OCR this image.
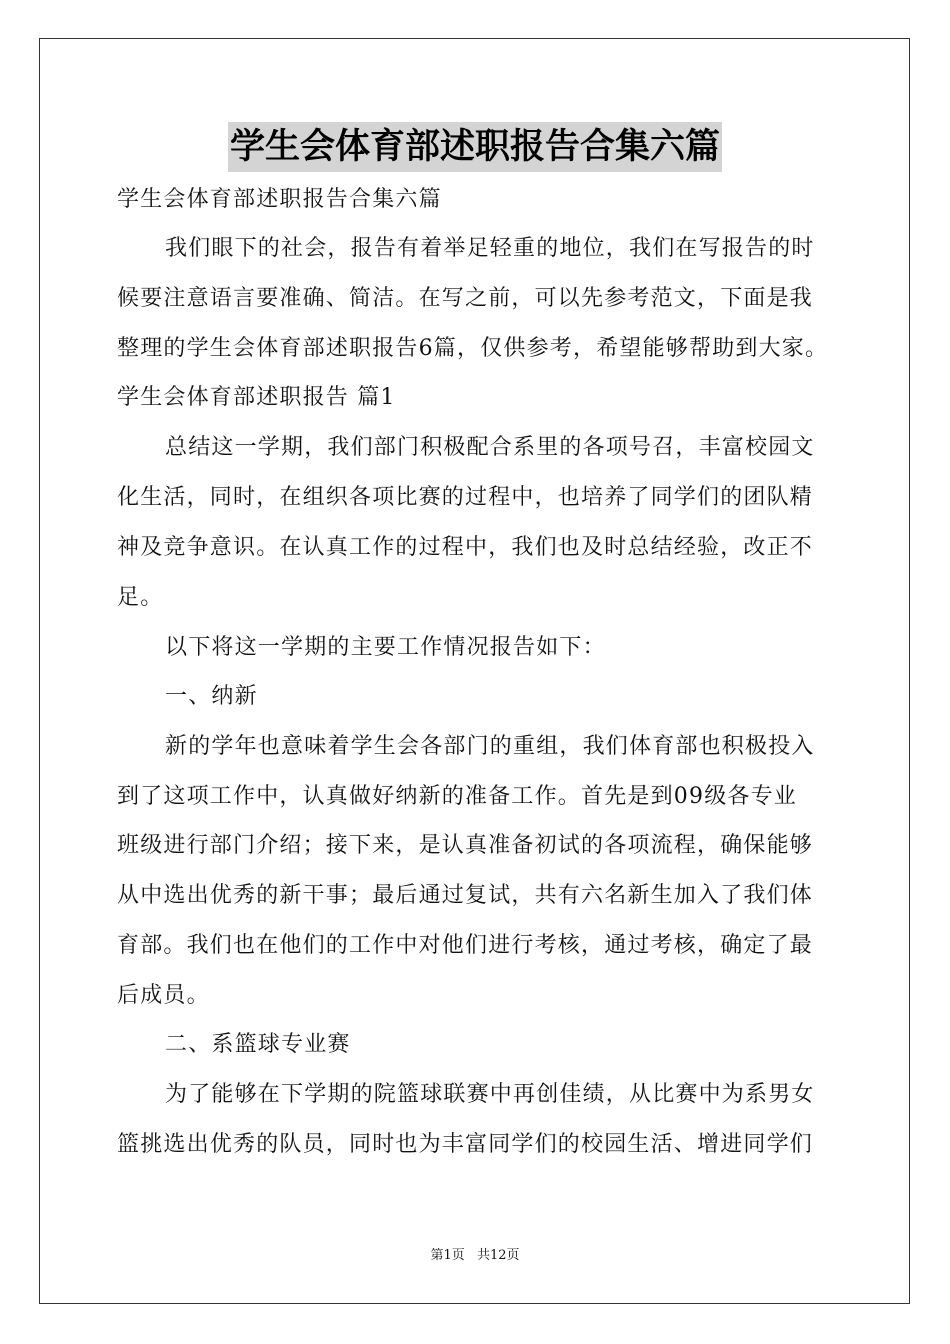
学生会体育部述职报告合集六篇
学生会体育部述职报告合集六篇
我们眼下的社会，报告有着举足轻重的地位，我们在写报告的时
候要注意语言要准确、简洁。在写之前，可以先参考范文，下面是我
整理的学生会体育部述职报告6篇，仅供参考，希望能够帮助到大家。
学生会体育部述职报告 篇1
总结这一学期，我们部门积极配合系里的各项号召，丰富校园文
化生活，同时，在组织各项比赛的过程中，也培养了同学们的团队精
神及竞争意识。在认真工作的过程中，我们也及时总结经验，改正不
足。
以下将这一学期的主要工作情况报告如下：
一、纳新
新的学年也意味着学生会各部门的重组，我们体育部也积极投入
到了这项工作中，认真做好纳新的准备工作。首先是到09级各专业
班级进行部门介绍；接下来，是认真准备初试的各项流程，确保能够
从中选出优秀的新干事；最后通过复试，共有六名新生加入了我们体
育部。我们也在他们的工作中对他们进行考核，通过考核，确定了最
后成员。
二、系篮球专业赛
为了能够在下学期的院篮球联赛中再创佳绩，从比赛中为系男女
篮挑选出优秀的队员，同时也为丰富同学们的校园生活、增进同学们
第1页 共12页
